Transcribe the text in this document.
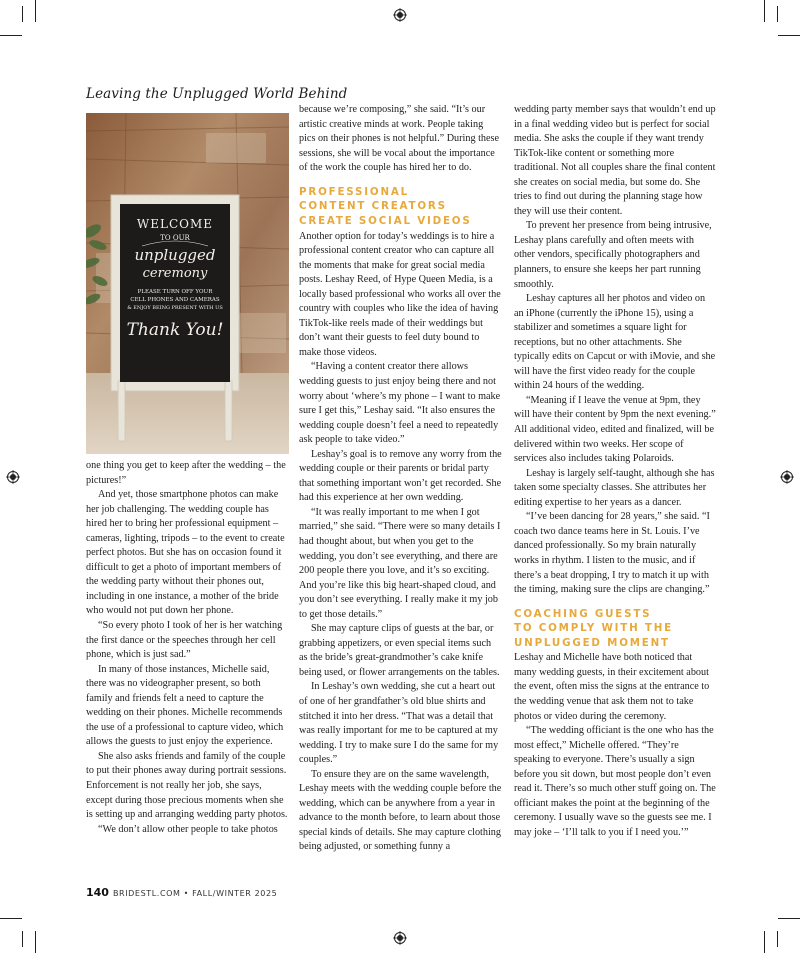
Leaving the Unplugged World Behind
WELCOME
TO OUR
unplugged
ceremony
PLEASE TURN OFF YOUR
CELL PHONES AND CAMERAS
& ENJOY BEING PRESENT WITH US
Thank You!

one thing you get to keep after the wedding – the pictures!”

And yet, those smartphone photos can make her job challenging. The wedding couple has hired her to bring her professional equipment – cameras, lighting, tripods – to the event to create perfect photos. But she has on occasion found it difficult to get a photo of important members of the wedding party without their phones out, including in one instance, a mother of the bride who would not put down her phone.

“So every photo I took of her is her watching the first dance or the speeches through her cell phone, which is just sad.”

In many of those instances, Michelle said, there was no videographer present, so both family and friends felt a need to capture the wedding on their phones. Michelle recommends the use of a professional to capture video, which allows the guests to just enjoy the experience.

She also asks friends and family of the couple to put their phones away during portrait sessions. Enforcement is not really her job, she says, except during those precious moments when she is setting up and arranging wedding party photos.

“We don’t allow other people to take photos

because we’re composing,” she said. “It’s our artistic creative minds at work. People taking pics on their phones is not helpful.” During these sessions, she will be vocal about the importance of the work the couple has hired her to do.

PROFESSIONAL
CONTENT CREATORS
CREATE SOCIAL VIDEOS

Another option for today’s weddings is to hire a professional content creator who can capture all the moments that make for great social media posts. Leshay Reed, of Hype Queen Media, is a locally based professional who works all over the country with couples who like the idea of having TikTok-like reels made of their weddings but don’t want their guests to feel duty bound to make those videos.

“Having a content creator there allows wedding guests to just enjoy being there and not worry about ‘where’s my phone – I want to make sure I get this,” Leshay said. “It also ensures the wedding couple doesn’t feel a need to repeatedly ask people to take video.”

Leshay’s goal is to remove any worry from the wedding couple or their parents or bridal party that something important won’t get recorded. She had this experience at her own wedding.

“It was really important to me when I got married,” she said. “There were so many details I had thought about, but when you get to the wedding, you don’t see everything, and there are 200 people there you love, and it’s so exciting. And you’re like this big heart-shaped cloud, and you don’t see everything. I really make it my job to get those details.”

She may capture clips of guests at the bar, or grabbing appetizers, or even special items such as the bride’s great-grandmother’s cake knife being used, or flower arrangements on the tables.

In Leshay’s own wedding, she cut a heart out of one of her grandfather’s old blue shirts and stitched it into her dress. “That was a detail that was really important for me to be captured at my wedding. I try to make sure I do the same for my couples.”

To ensure they are on the same wavelength, Leshay meets with the wedding couple before the wedding, which can be anywhere from a year in advance to the month before, to learn about those special kinds of details. She may capture clothing being adjusted, or something funny a

wedding party member says that wouldn’t end up in a final wedding video but is perfect for social media. She asks the couple if they want trendy TikTok-like content or something more traditional. Not all couples share the final content she creates on social media, but some do. She tries to find out during the planning stage how they will use their content.

To prevent her presence from being intrusive, Leshay plans carefully and often meets with other vendors, specifically photographers and planners, to ensure she keeps her part running smoothly.

Leshay captures all her photos and video on an iPhone (currently the iPhone 15), using a stabilizer and sometimes a square light for receptions, but no other attachments. She typically edits on Capcut or with iMovie, and she will have the first video ready for the couple within 24 hours of the wedding.

“Meaning if I leave the venue at 9pm, they will have their content by 9pm the next evening.” All additional video, edited and finalized, will be delivered within two weeks. Her scope of services also includes taking Polaroids.

Leshay is largely self-taught, although she has taken some specialty classes. She attributes her editing expertise to her years as a dancer.

“I’ve been dancing for 28 years,” she said. “I coach two dance teams here in St. Louis. I’ve danced professionally. So my brain naturally works in rhythm. I listen to the music, and if there’s a beat dropping, I try to match it up with the timing, making sure the clips are changing.”

COACHING GUESTS
TO COMPLY WITH THE
UNPLUGGED MOMENT

Leshay and Michelle have both noticed that many wedding guests, in their excitement about the event, often miss the signs at the entrance to the wedding venue that ask them not to take photos or video during the ceremony.

“The wedding officiant is the one who has the most effect,” Michelle offered. “They’re speaking to everyone. There’s usually a sign before you sit down, but most people don’t even read it. There’s so much other stuff going on. The officiant makes the point at the beginning of the ceremony. I usually wave so the guests see me. I may joke – ‘I’ll talk to you if I need you.’”

140 BRIDESTL.COM • FALL/WINTER 2025
